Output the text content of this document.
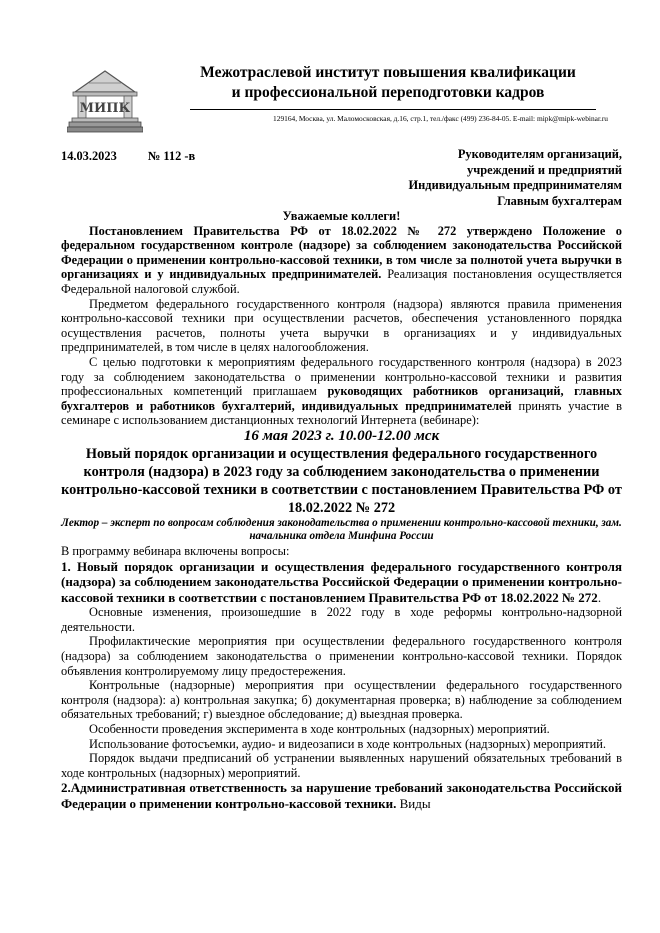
МИПК
Межотраслевой институт повышения квалификации
и профессиональной переподготовки кадров
129164, Москва, ул. Маломосковская, д.16, стр.1, тел./факс (499) 236-84-05. E-mail: mipk@mipk-webinar.ru
14.03.2023	№ 112 -в	Руководителям организаций,
учреждений и предприятий
Индивидуальным предпринимателям
Главным бухгалтерам

Уважаемые коллеги!

Постановлением Правительства РФ от 18.02.2022 № 272 утверждено Положение о федеральном государственном контроле (надзоре) за соблюдением законодательства Российской Федерации о применении контрольно-кассовой техники, в том числе за полнотой учета выручки в организациях и у индивидуальных предпринимателей. Реализация постановления осуществляется Федеральной налоговой службой.

Предметом федерального государственного контроля (надзора) являются правила применения контрольно-кассовой техники при осуществлении расчетов, обеспечения установленного порядка осуществления расчетов, полноты учета выручки в организациях и у индивидуальных предпринимателей, в том числе в целях налогообложения.

С целью подготовки к мероприятиям федерального государственного контроля (надзора) в 2023 году за соблюдением законодательства о применении контрольно-кассовой техники и развития профессиональных компетенций приглашаем руководящих работников организаций, главных бухгалтеров и работников бухгалтерий, индивидуальных предпринимателей принять участие в семинаре с использованием дистанционных технологий Интернета (вебинаре):

16 мая 2023 г. 10.00-12.00 мск

Новый порядок организации и осуществления федерального государственного контроля (надзора) в 2023 году за соблюдением законодательства о применении контрольно-кассовой техники в соответствии с постановлением Правительства РФ от 18.02.2022 № 272

Лектор – эксперт по вопросам соблюдения законодательства о применении контрольно-кассовой техники, зам. начальника отдела Минфина России

В программу вебинара включены вопросы:

1. Новый порядок организации и осуществления федерального государственного контроля (надзора) за соблюдением законодательства Российской Федерации о применении контрольно-кассовой техники в соответствии с постановлением Правительства РФ от 18.02.2022 № 272.

Основные изменения, произошедшие в 2022 году в ходе реформы контрольно-надзорной деятельности.

Профилактические мероприятия при осуществлении федерального государственного контроля (надзора) за соблюдением законодательства о применении контрольно-кассовой техники. Порядок объявления контролируемому лицу предостережения.

Контрольные (надзорные) мероприятия при осуществлении федерального государственного контроля (надзора): а) контрольная закупка; б) документарная проверка; в) наблюдение за соблюдением обязательных требований; г) выездное обследование; д) выездная проверка.

Особенности проведения эксперимента в ходе контрольных (надзорных) мероприятий.

Использование фотосъемки, аудио- и видеозаписи в ходе контрольных (надзорных) мероприятий.

Порядок выдачи предписаний об устранении выявленных нарушений обязательных требований в ходе контрольных (надзорных) мероприятий.

2.Административная ответственность за нарушение требований законодательства Российской Федерации о применении контрольно-кассовой техники. Виды
